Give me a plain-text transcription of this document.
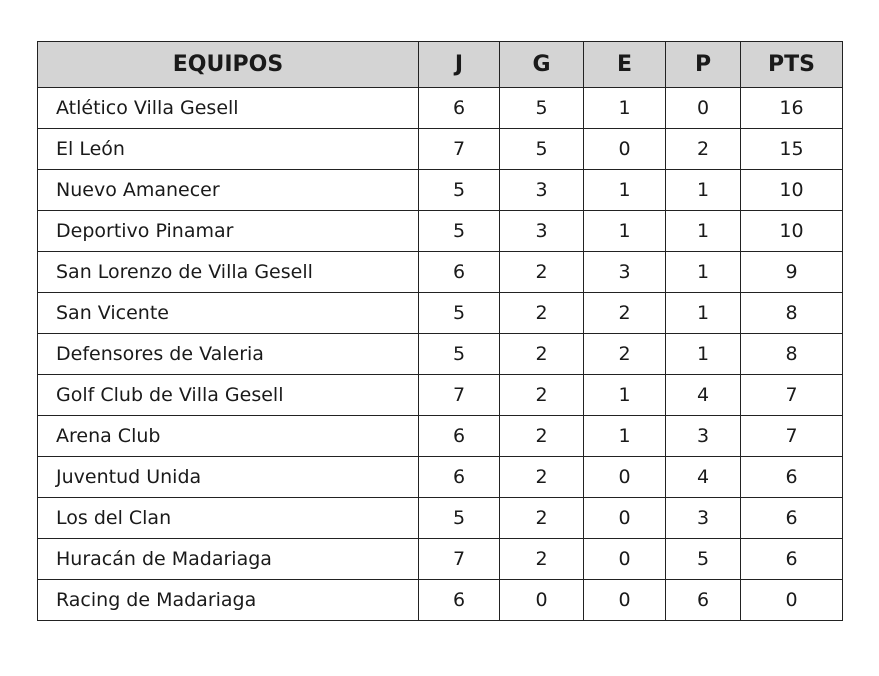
EQUIPOS	J	G	E	P	PTS
Atlético Villa Gesell	6	5	1	0	16
El León	7	5	0	2	15
Nuevo Amanecer	5	3	1	1	10
Deportivo Pinamar	5	3	1	1	10
San Lorenzo de Villa Gesell	6	2	3	1	9
San Vicente	5	2	2	1	8
Defensores de Valeria	5	2	2	1	8
Golf Club de Villa Gesell	7	2	1	4	7
Arena Club	6	2	1	3	7
Juventud Unida	6	2	0	4	6
Los del Clan	5	2	0	3	6
Huracán de Madariaga	7	2	0	5	6
Racing de Madariaga	6	0	0	6	0
